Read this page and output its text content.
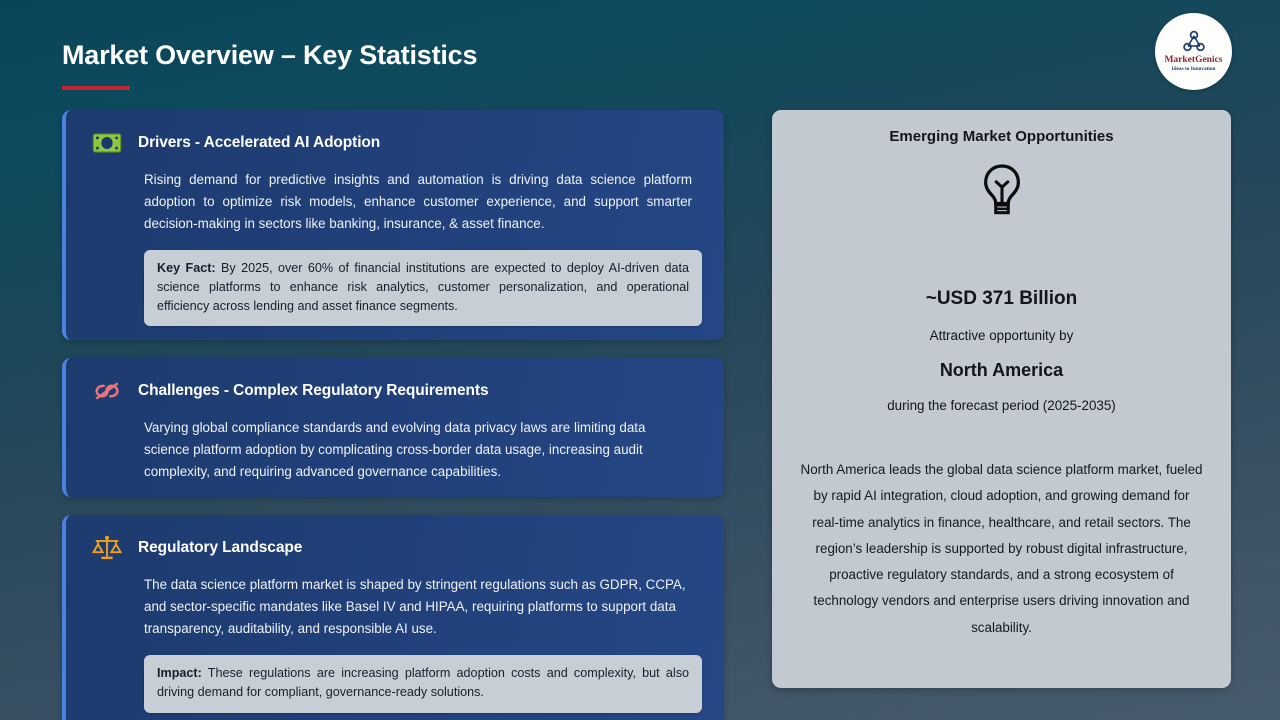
Market Overview – Key Statistics	MarketGenics
Ideas to Innovation
Drivers - Accelerated AI Adoption
Rising demand for predictive insights and automation is driving data science platform adoption to optimize risk models, enhance customer experience, and support smarter decision-making in sectors like banking, insurance, & asset finance.
Key Fact: By 2025, over 60% of financial institutions are expected to deploy AI-driven data science platforms to enhance risk analytics, customer personalization, and operational efficiency across lending and asset finance segments.
Challenges - Complex Regulatory Requirements
Varying global compliance standards and evolving data privacy laws are limiting data science platform adoption by complicating cross-border data usage, increasing audit complexity, and requiring advanced governance capabilities.
Regulatory Landscape
The data science platform market is shaped by stringent regulations such as GDPR, CCPA, and sector-specific mandates like Basel IV and HIPAA, requiring platforms to support data transparency, auditability, and responsible AI use.
Impact: These regulations are increasing platform adoption costs and complexity, but also driving demand for compliant, governance-ready solutions.
Emerging Market Opportunities
~USD 371 Billion
Attractive opportunity by
North America
during the forecast period (2025-2035)
North America leads the global data science platform market, fueled by rapid AI integration, cloud adoption, and growing demand for real-time analytics in finance, healthcare, and retail sectors. The region’s leadership is supported by robust digital infrastructure, proactive regulatory standards, and a strong ecosystem of technology vendors and enterprise users driving innovation and scalability.
